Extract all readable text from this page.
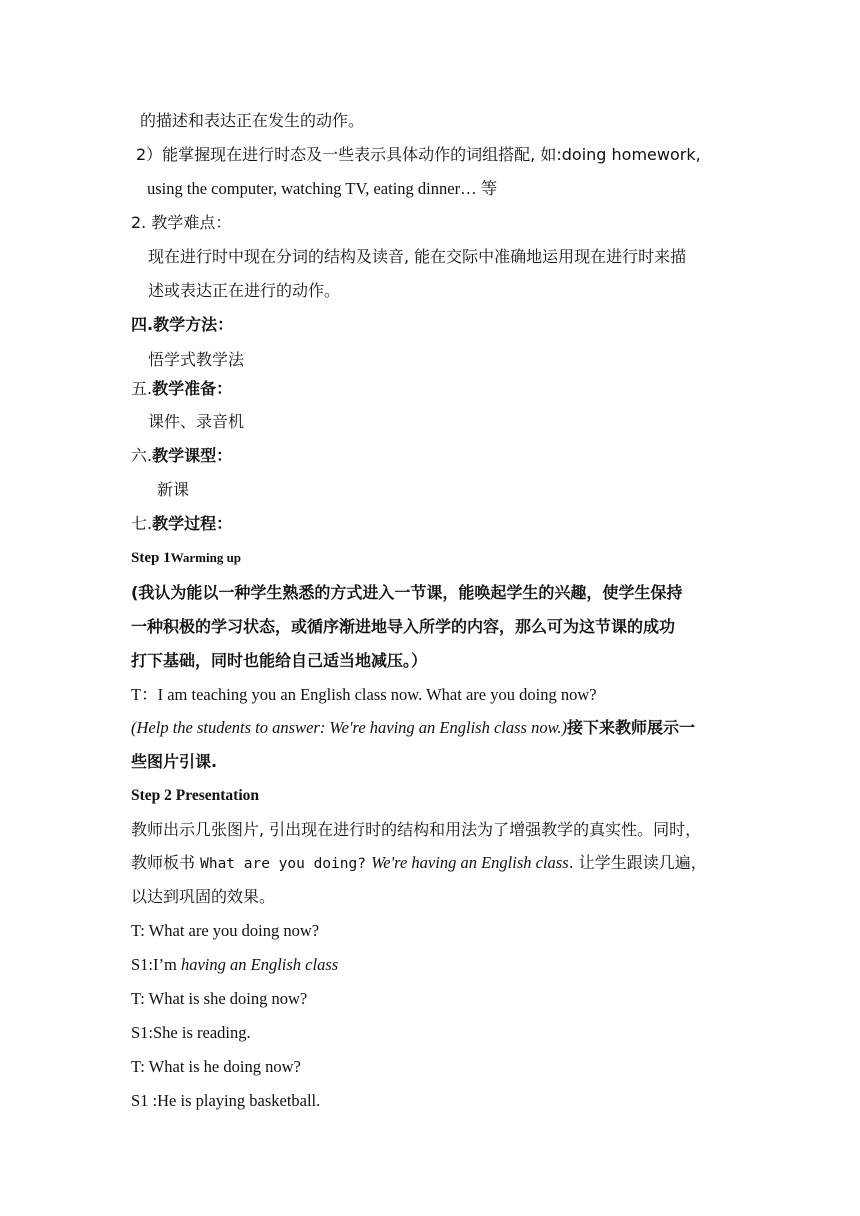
的描述和表达正在发生的动作。
2）能掌握现在进行时态及一些表示具体动作的词组搭配, 如:doing homework,
using the computer, watching TV, eating dinner… 等
2. 教学难点：
现在进行时中现在分词的结构及读音, 能在交际中准确地运用现在进行时来描
述或表达正在进行的动作。
四.教学方法：
悟学式教学法
五.教学准备：
课件、录音机
六.教学课型：
新课
七.教学过程：
Step 1Warming up
(我认为能以一种学生熟悉的方式进入一节课，能唤起学生的兴趣，使学生保持
一种积极的学习状态，或循序渐进地导入所学的内容，那么可为这节课的成功
打下基础，同时也能给自己适当地减压。）
T：I am teaching you an English class now. What are you doing now?
(Help the students to answer: We're having an English class now.)接下来教师展示一
些图片引课.
Step 2 Presentation
教师出示几张图片, 引出现在进行时的结构和用法为了增强教学的真实性。同时，
教师板书 What are you doing? We're having an English class. 让学生跟读几遍，
以达到巩固的效果。
T: What are you doing now?
S1:I’m having an English class
T: What is she doing now?
S1:She is reading.
T: What is he doing now?
S1 :He is playing basketball.
